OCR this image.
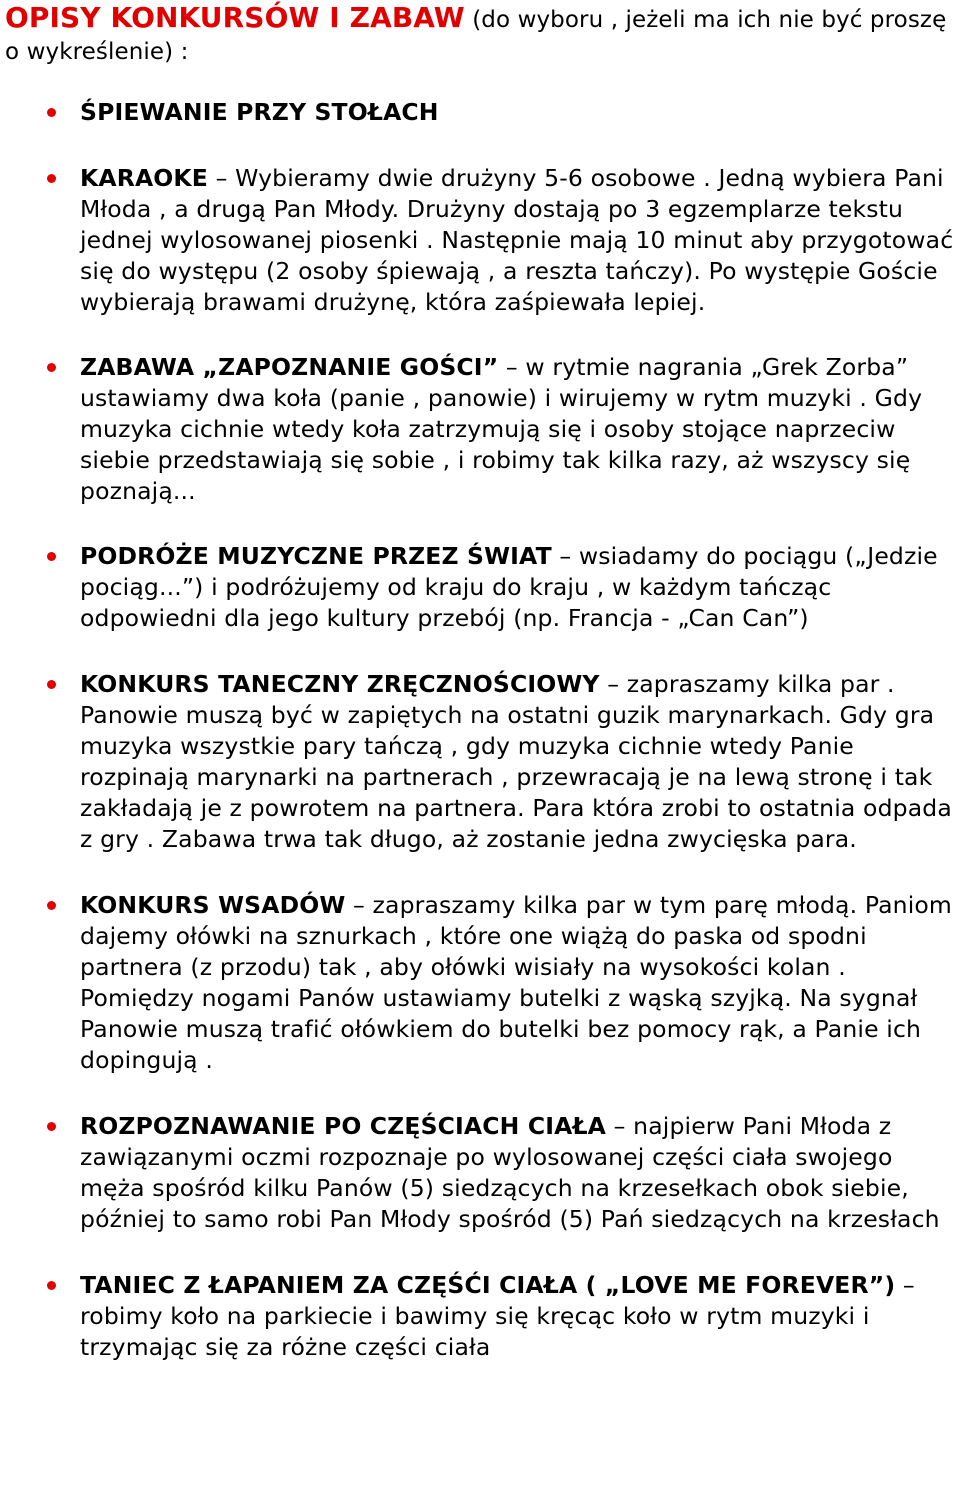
OPISY KONKURSÓW I ZABAW (do wyboru , jeżeli ma ich nie być proszę o wykreślenie) :

ŚPIEWANIE PRZY STOŁACH
KARAOKE – Wybieramy dwie drużyny 5-6 osobowe . Jedną wybiera Pani Młoda , a drugą Pan Młody. Drużyny dostają po 3 egzemplarze tekstu jednej wylosowanej piosenki . Następnie mają 10 minut aby przygotować się do występu (2 osoby śpiewają , a reszta tańczy). Po występie Goście wybierają brawami drużynę, która zaśpiewała lepiej.
ZABAWA „ZAPOZNANIE GOŚCI” – w rytmie nagrania „Grek Zorba” ustawiamy dwa koła (panie , panowie) i wirujemy w rytm muzyki . Gdy muzyka cichnie wtedy koła zatrzymują się i osoby stojące naprzeciw siebie przedstawiają się sobie , i robimy tak kilka razy, aż wszyscy się poznają...
PODRÓŻE MUZYCZNE PRZEZ ŚWIAT – wsiadamy do pociągu („Jedzie pociąg...”) i podróżujemy od kraju do kraju , w każdym tańcząc odpowiedni dla jego kultury przebój (np. Francja - „Can Can”)
KONKURS TANECZNY ZRĘCZNOŚCIOWY – zapraszamy kilka par . Panowie muszą być w zapiętych na ostatni guzik marynarkach. Gdy gra muzyka wszystkie pary tańczą , gdy muzyka cichnie wtedy Panie rozpinają marynarki na partnerach , przewracają je na lewą stronę i tak zakładają je z powrotem na partnera. Para która zrobi to ostatnia odpada z gry . Zabawa trwa tak długo, aż zostanie jedna zwycięska para.
KONKURS WSADÓW – zapraszamy kilka par w tym parę młodą. Paniom dajemy ołówki na sznurkach , które one wiążą do paska od spodni partnera (z przodu) tak , aby ołówki wisiały na wysokości kolan . Pomiędzy nogami Panów ustawiamy butelki z wąską szyjką. Na sygnał Panowie muszą trafić ołówkiem do butelki bez pomocy rąk, a Panie ich dopingują .
ROZPOZNAWANIE PO CZĘŚCIACH CIAŁA – najpierw Pani Młoda z zawiązanymi oczmi rozpoznaje po wylosowanej części ciała swojego męża spośród kilku Panów (5) siedzących na krzesełkach obok siebie, później to samo robi Pan Młody spośród (5) Pań siedzących na krzesłach
TANIEC Z ŁAPANIEM ZA CZĘŚĆI CIAŁA ( „LOVE ME FOREVER”) – robimy koło na parkiecie i bawimy się kręcąc koło w rytm muzyki i trzymając się za różne części ciała
